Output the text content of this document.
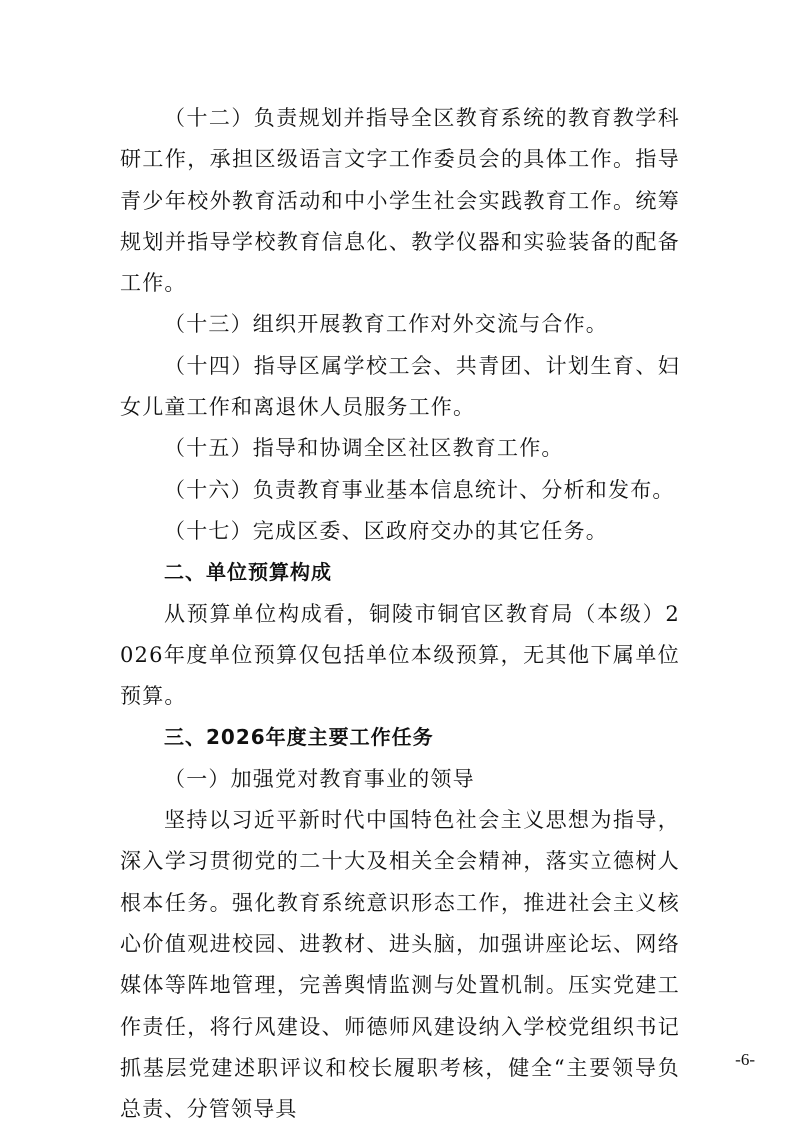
（十二）负责规划并指导全区教育系统的教育教学科研工作，承担区级语言文字工作委员会的具体工作。指导青少年校外教育活动和中小学生社会实践教育工作。统筹规划并指导学校教育信息化、教学仪器和实验装备的配备工作。

（十三）组织开展教育工作对外交流与合作。

（十四）指导区属学校工会、共青团、计划生育、妇女儿童工作和离退休人员服务工作。

（十五）指导和协调全区社区教育工作。

（十六）负责教育事业基本信息统计、分析和发布。

（十七）完成区委、区政府交办的其它任务。

二、单位预算构成

从预算单位构成看，铜陵市铜官区教育局（本级）2026年度单位预算仅包括单位本级预算，无其他下属单位预算。

三、2026年度主要工作任务

（一）加强党对教育事业的领导

坚持以习近平新时代中国特色社会主义思想为指导，深入学习贯彻党的二十大及相关全会精神，落实立德树人根本任务。强化教育系统意识形态工作，推进社会主义核心价值观进校园、进教材、进头脑，加强讲座论坛、网络媒体等阵地管理，完善舆情监测与处置机制。压实党建工作责任，将行风建设、师德师风建设纳入学校党组织书记抓基层党建述职评议和校长履职考核，健全“主要领导负总责、分管领导具

-6-
